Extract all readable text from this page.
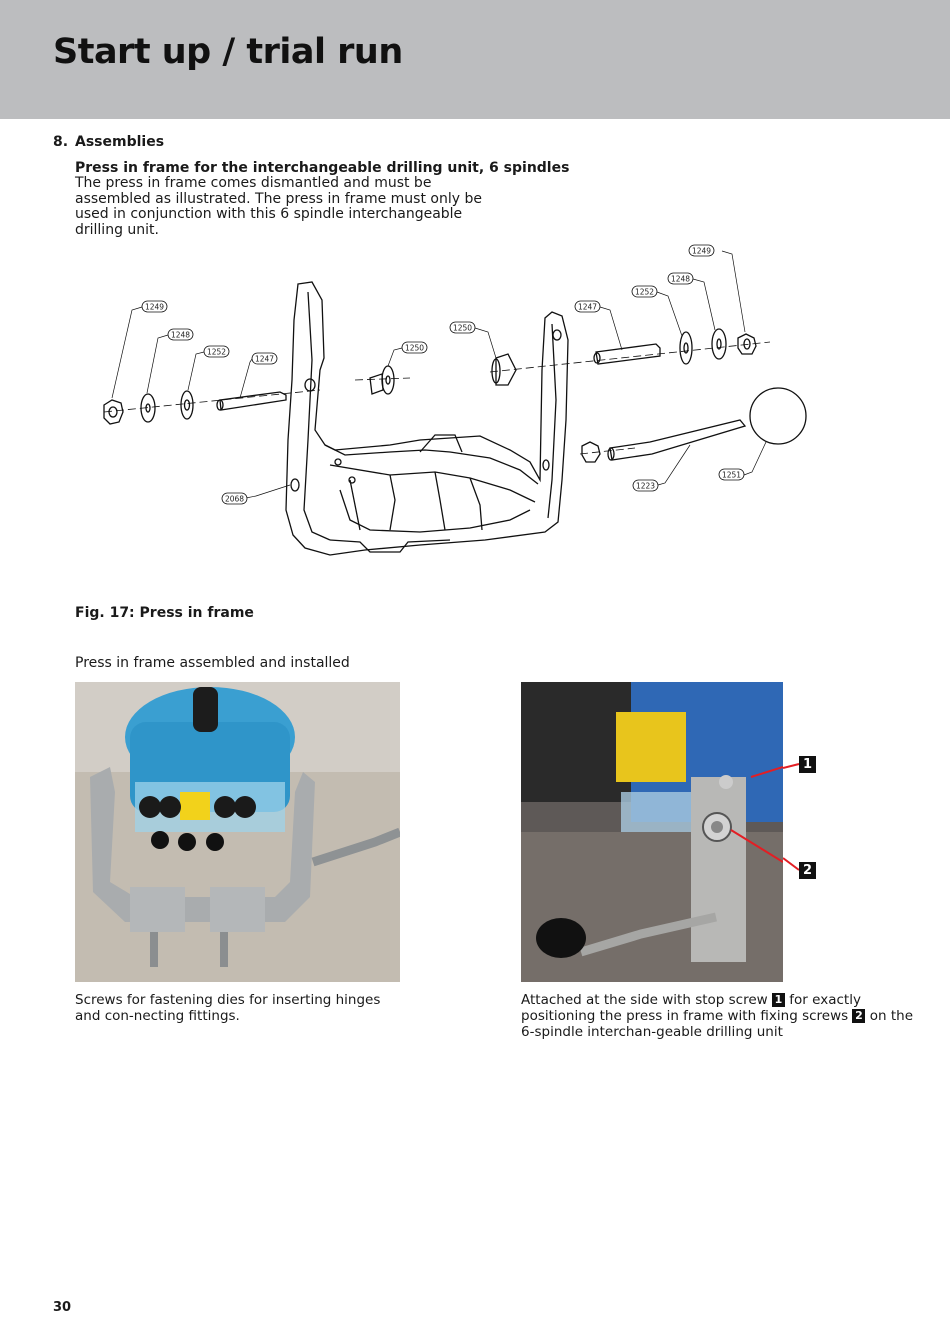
Start up / trial run

8. Assemblies

Press in frame for the interchangeable drilling unit, 6 spindles

The press in frame comes dismantled and must be assembled as illustrated. The press in frame must only be used in conjunction with this 6 spindle interchangeable drilling unit.

1249
1248
1252
1247
1250
1250
1247
1252
1248
1249
2068
1223
1251

Fig. 17: Press in frame

Press in frame assembled and installed

1
2

Screws for fastening dies for inserting hinges and con-necting fittings.

Attached at the side with stop screw 1 for exactly positioning the press in frame with fixing screws 2 on the 6-spindle interchan-geable drilling unit

30
